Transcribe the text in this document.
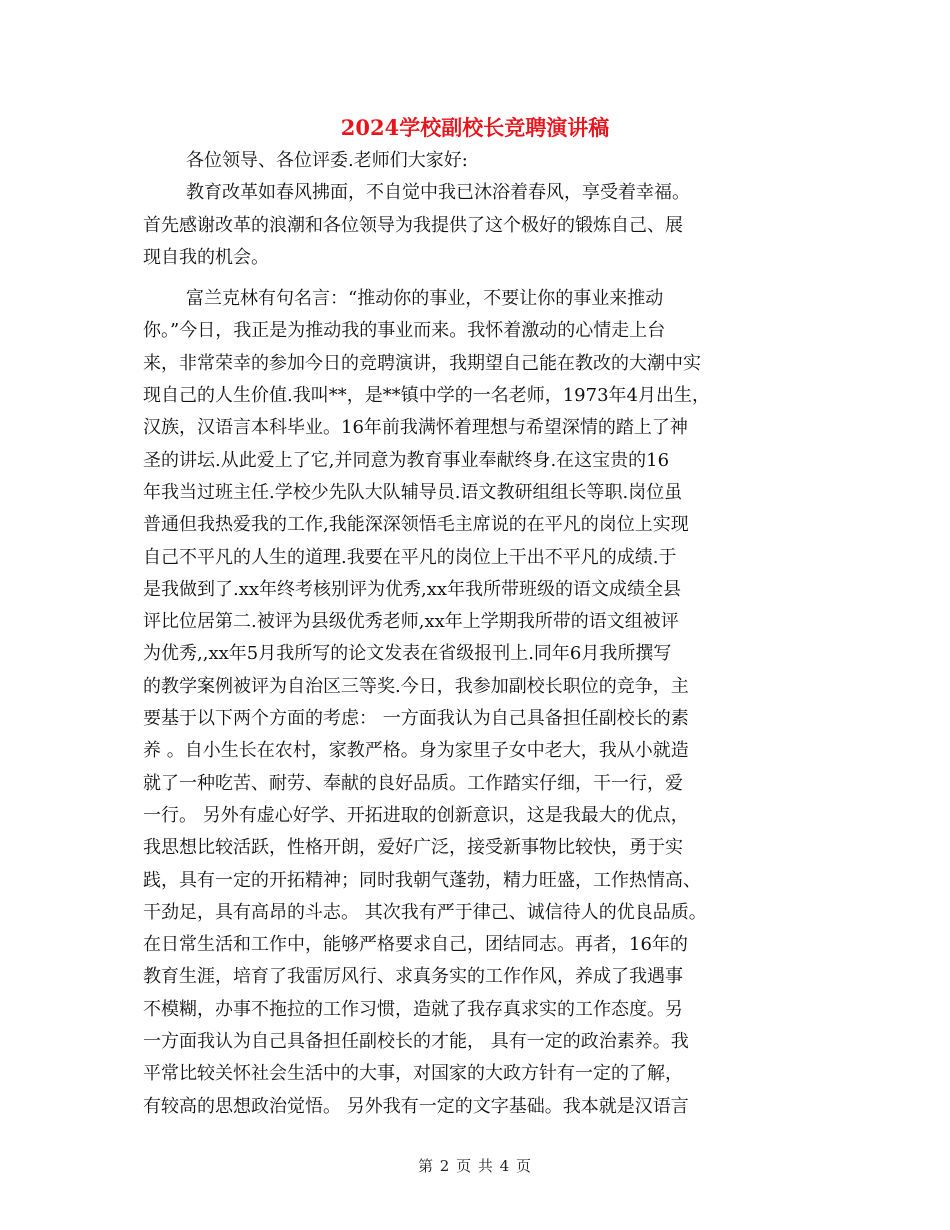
2024学校副校长竞聘演讲稿
各位领导、各位评委.老师们大家好:
教育改革如春风拂面，不自觉中我已沐浴着春风，享受着幸福。
首先感谢改革的浪潮和各位领导为我提供了这个极好的锻炼自己、展
现自我的机会。
富兰克林有句名言：“推动你的事业，不要让你的事业来推动
你。”今日，我正是为推动我的事业而来。我怀着激动的心情走上台
来，非常荣幸的参加今日的竞聘演讲，我期望自己能在教改的大潮中实
现自己的人生价值.我叫**，是**镇中学的一名老师，1973年4月出生，
汉族，汉语言本科毕业。16年前我满怀着理想与希望深情的踏上了神
圣的讲坛.从此爱上了它,并同意为教育事业奉献终身.在这宝贵的16
年我当过班主任.学校少先队大队辅导员.语文教研组组长等职.岗位虽
普通但我热爱我的工作,我能深深领悟毛主席说的在平凡的岗位上实现
自己不平凡的人生的道理.我要在平凡的岗位上干出不平凡的成绩.于
是我做到了.xx年终考核别评为优秀,xx年我所带班级的语文成绩全县
评比位居第二.被评为县级优秀老师,xx年上学期我所带的语文组被评
为优秀,,xx年5月我所写的论文发表在省级报刊上.同年6月我所撰写
的教学案例被评为自治区三等奖.今日，我参加副校长职位的竞争，主
要基于以下两个方面的考虑： 一方面我认为自己具备担任副校长的素
养 。自小生长在农村，家教严格。身为家里子女中老大，我从小就造
就了一种吃苦、耐劳、奉献的良好品质。工作踏实仔细，干一行，爱
一行。 另外有虚心好学、开拓进取的创新意识，这是我最大的优点，
我思想比较活跃，性格开朗，爱好广泛，接受新事物比较快，勇于实
践，具有一定的开拓精神；同时我朝气蓬勃，精力旺盛，工作热情高、
干劲足，具有高昂的斗志。 其次我有严于律己、诚信待人的优良品质。
在日常生活和工作中，能够严格要求自己，团结同志。再者，16年的
教育生涯，培育了我雷厉风行、求真务实的工作作风，养成了我遇事
不模糊，办事不拖拉的工作习惯，造就了我存真求实的工作态度。另
一方面我认为自己具备担任副校长的才能， 具有一定的政治素养。我
平常比较关怀社会生活中的大事，对国家的大政方针有一定的了解，
有较高的思想政治觉悟。 另外我有一定的文字基础。我本就是汉语言
第 2 页 共 4 页
